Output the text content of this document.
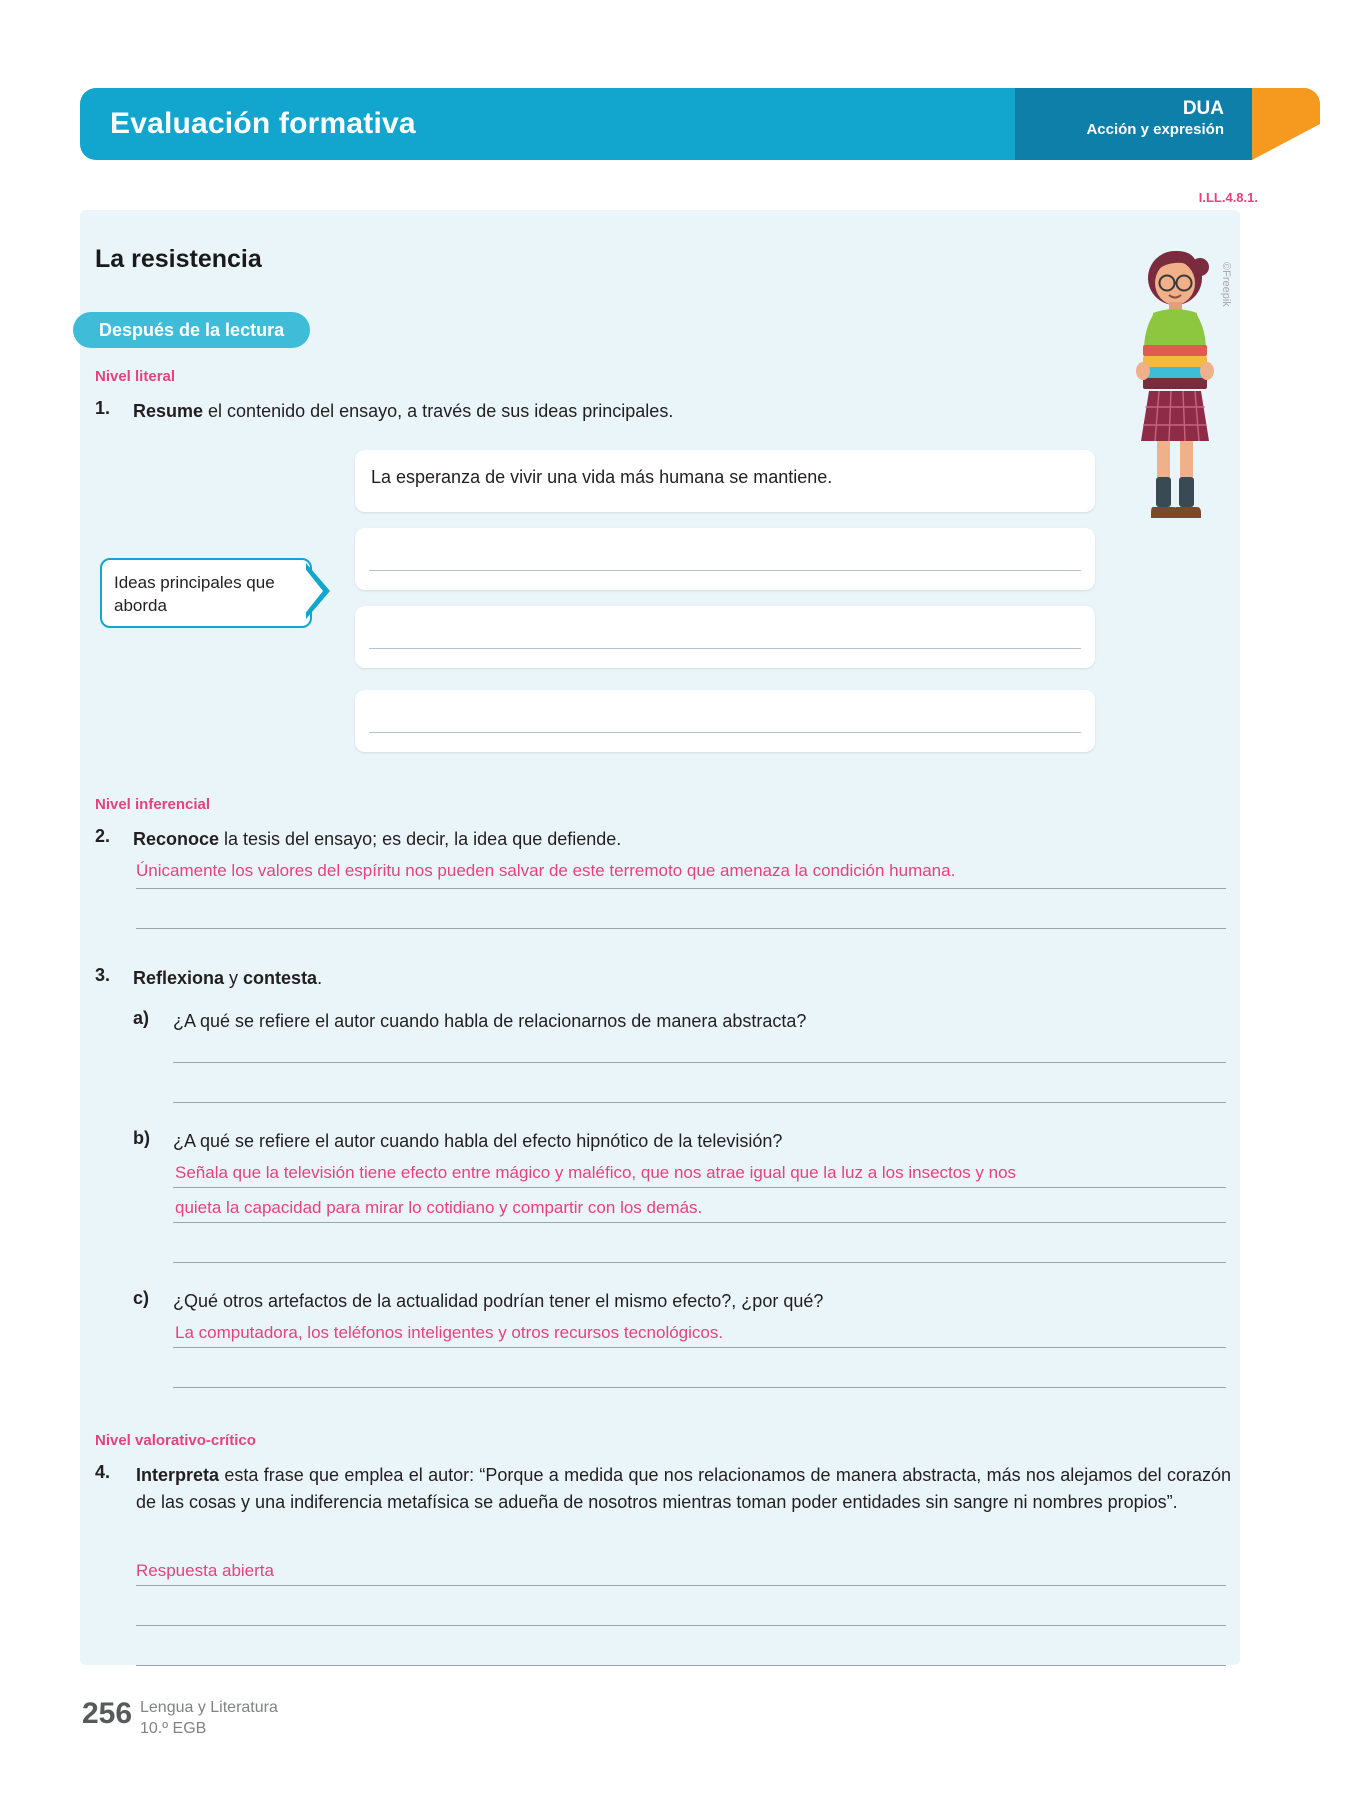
Evaluación formativa	DUA
Acción y expresión
I.LL.4.8.1.
La resistencia
Después de la lectura
©Freepik
Nivel literal
1. Resume el contenido del ensayo, a través de sus ideas principales.
La esperanza de vivir una vida más humana se mantiene.
Ideas principales que aborda
Nivel inferencial
2. Reconoce la tesis del ensayo; es decir, la idea que defiende.
Únicamente los valores del espíritu nos pueden salvar de este terremoto que amenaza la condición humana.
3. Reflexiona y contesta.
a) ¿A qué se refiere el autor cuando habla de relacionarnos de manera abstracta?
b) ¿A qué se refiere el autor cuando habla del efecto hipnótico de la televisión?
Señala que la televisión tiene efecto entre mágico y maléfico, que nos atrae igual que la luz a los insectos y nos
quieta la capacidad para mirar lo cotidiano y compartir con los demás.
c) ¿Qué otros artefactos de la actualidad podrían tener el mismo efecto?, ¿por qué?
La computadora, los teléfonos inteligentes y otros recursos tecnológicos.
Nivel valorativo-crítico
4. Interpreta esta frase que emplea el autor: “Porque a medida que nos relacionamos de manera abstracta, más nos alejamos del corazón de las cosas y una indiferencia metafísica se adueña de nosotros mientras toman poder entidades sin sangre ni nombres propios”.
Respuesta abierta
256 Lengua y Literatura
10.º EGB
